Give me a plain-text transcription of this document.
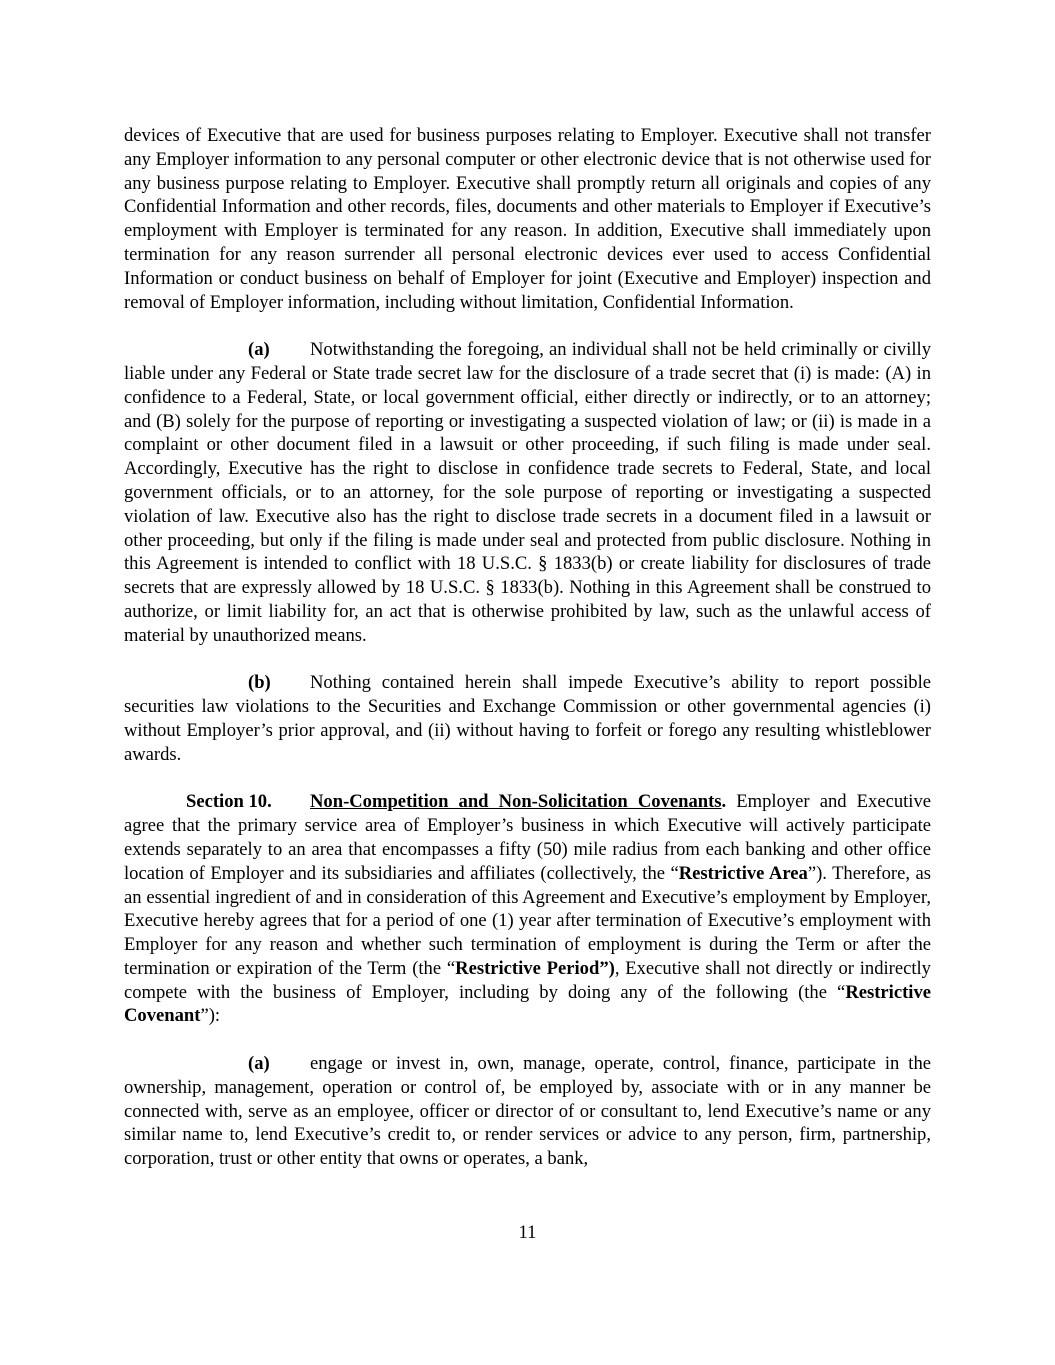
devices of Executive that are used for business purposes relating to Employer. Executive shall not transfer any Employer information to any personal computer or other electronic device that is not otherwise used for any business purpose relating to Employer. Executive shall promptly return all originals and copies of any Confidential Information and other records, files, documents and other materials to Employer if Executive’s employment with Employer is terminated for any reason. In addition, Executive shall immediately upon termination for any reason surrender all personal electronic devices ever used to access Confidential Information or conduct business on behalf of Employer for joint (Executive and Employer) inspection and removal of Employer information, including without limitation, Confidential Information.

(a) Notwithstanding the foregoing, an individual shall not be held criminally or civilly liable under any Federal or State trade secret law for the disclosure of a trade secret that (i) is made: (A) in confidence to a Federal, State, or local government official, either directly or indirectly, or to an attorney; and (B) solely for the purpose of reporting or investigating a suspected violation of law; or (ii) is made in a complaint or other document filed in a lawsuit or other proceeding, if such filing is made under seal. Accordingly, Executive has the right to disclose in confidence trade secrets to Federal, State, and local government officials, or to an attorney, for the sole purpose of reporting or investigating a suspected violation of law. Executive also has the right to disclose trade secrets in a document filed in a lawsuit or other proceeding, but only if the filing is made under seal and protected from public disclosure. Nothing in this Agreement is intended to conflict with 18 U.S.C. § 1833(b) or create liability for disclosures of trade secrets that are expressly allowed by 18 U.S.C. § 1833(b). Nothing in this Agreement shall be construed to authorize, or limit liability for, an act that is otherwise prohibited by law, such as the unlawful access of material by unauthorized means.

(b) Nothing contained herein shall impede Executive’s ability to report possible securities law violations to the Securities and Exchange Commission or other governmental agencies (i) without Employer’s prior approval, and (ii) without having to forfeit or forego any resulting whistleblower awards.

Section 10. Non-Competition and Non-Solicitation Covenants. Employer and Executive agree that the primary service area of Employer’s business in which Executive will actively participate extends separately to an area that encompasses a fifty (50) mile radius from each banking and other office location of Employer and its subsidiaries and affiliates (collectively, the “Restrictive Area”). Therefore, as an essential ingredient of and in consideration of this Agreement and Executive’s employment by Employer, Executive hereby agrees that for a period of one (1) year after termination of Executive’s employment with Employer for any reason and whether such termination of employment is during the Term or after the termination or expiration of the Term (the “Restrictive Period”), Executive shall not directly or indirectly compete with the business of Employer, including by doing any of the following (the “Restrictive Covenant”):

(a) engage or invest in, own, manage, operate, control, finance, participate in the ownership, management, operation or control of, be employed by, associate with or in any manner be connected with, serve as an employee, officer or director of or consultant to, lend Executive’s name or any similar name to, lend Executive’s credit to, or render services or advice to any person, firm, partnership, corporation, trust or other entity that owns or operates, a bank,

11
